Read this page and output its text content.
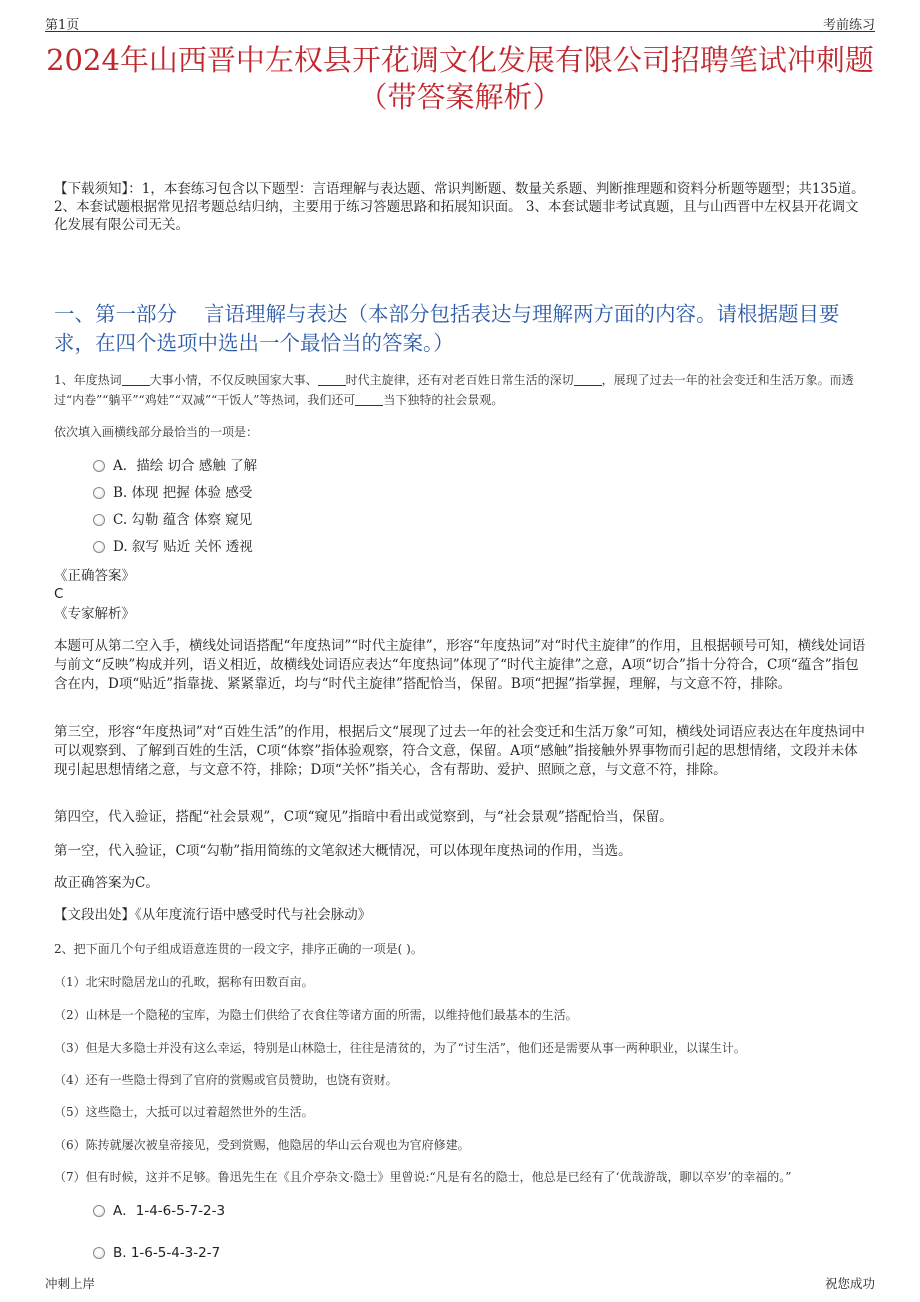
第1页	考前练习
2024年山西晋中左权县开花调文化发展有限公司招聘笔试冲刺题（带答案解析）
【下载须知】：1，本套练习包含以下题型：言语理解与表达题、常识判断题、数量关系题、判断推理题和资料分析题等题型；共135道。 2、本套试题根据常见招考题总结归纳，主要用于练习答题思路和拓展知识面。 3、本套试题非考试真题，且与山西晋中左权县开花调文化发展有限公司无关。
一、第一部分　 言语理解与表达（本部分包括表达与理解两方面的内容。请根据题目要求，在四个选项中选出一个最恰当的答案。）
1、年度热词 大事小情，不仅反映国家大事、 时代主旋律，还有对老百姓日常生活的深切 ，展现了过去一年的社会变迁和生活万象。而透过“内卷”“躺平”“鸡娃”“双减”“干饭人”等热词，我们还可 当下独特的社会景观。
依次填入画横线部分最恰当的一项是：
A．描绘 切合 感触 了解
B. 体现 把握 体验 感受
C. 勾勒 蕴含 体察 窥见
D. 叙写 贴近 关怀 透视
《正确答案》
C
《专家解析》
本题可从第二空入手，横线处词语搭配“年度热词”“时代主旋律”，形容“年度热词”对“时代主旋律”的作用，且根据顿号可知，横线处词语与前文“反映”构成并列，语义相近，故横线处词语应表达“年度热词”体现了“时代主旋律”之意，A项“切合”指十分符合，C项“蕴含”指包含在内，D项“贴近”指靠拢、紧紧靠近，均与“时代主旋律”搭配恰当，保留。B项“把握”指掌握，理解，与文意不符，排除。
第三空，形容“年度热词”对“百姓生活”的作用，根据后文“展现了过去一年的社会变迁和生活万象”可知，横线处词语应表达在年度热词中可以观察到、了解到百姓的生活，C项“体察”指体验观察，符合文意，保留。A项“感触”指接触外界事物而引起的思想情绪，文段并未体现引起思想情绪之意，与文意不符，排除；D项“关怀”指关心，含有帮助、爱护、照顾之意，与文意不符，排除。
第四空，代入验证，搭配“社会景观”，C项“窥见”指暗中看出或觉察到，与“社会景观”搭配恰当，保留。
第一空，代入验证，C项“勾勒”指用简练的文笔叙述大概情况，可以体现年度热词的作用，当选。
故正确答案为C。
【文段出处】《从年度流行语中感受时代与社会脉动》
2、把下面几个句子组成语意连贯的一段文字，排序正确的一项是( )。
（1）北宋时隐居龙山的孔畋，据称有田数百亩。
（2）山林是一个隐秘的宝库，为隐士们供给了衣食住等诸方面的所需，以维持他们最基本的生活。
（3）但是大多隐士并没有这么幸运，特别是山林隐士，往往是清贫的，为了“讨生活”，他们还是需要从事一两种职业，以谋生计。
（4）还有一些隐士得到了官府的赏赐或官员赞助，也饶有资财。
（5）这些隐士，大抵可以过着超然世外的生活。
（6）陈抟就屡次被皇帝接见，受到赏赐，他隐居的华山云台观也为官府修建。
（7）但有时候，这并不足够。鲁迅先生在《且介亭杂文·隐士》里曾说:“凡是有名的隐士，他总是已经有了‘优哉游哉，聊以卒岁’的幸福的。”
A．1-4-6-5-7-2-3
B. 1-6-5-4-3-2-7
冲刺上岸	祝您成功
